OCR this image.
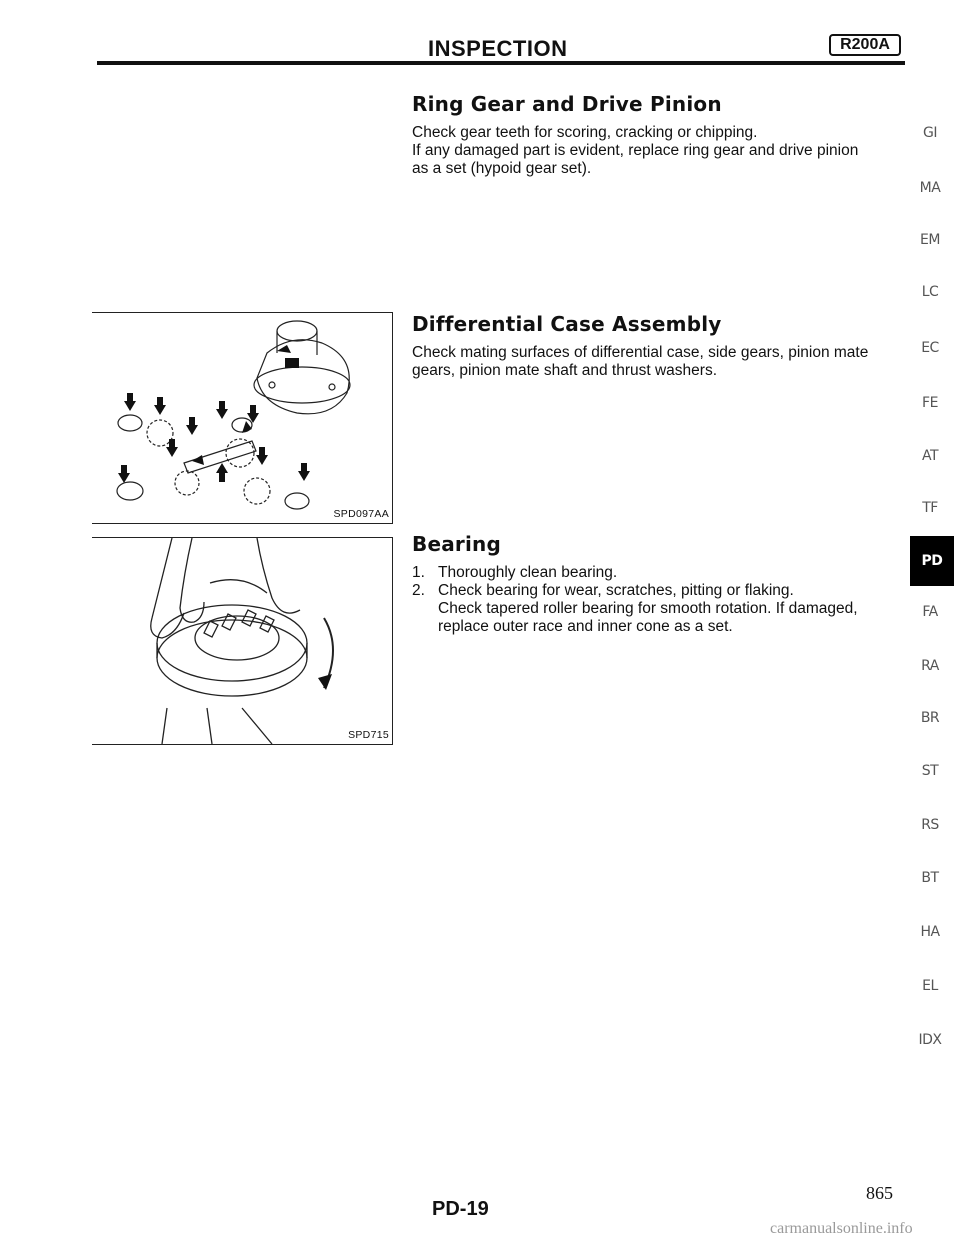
INSPECTION	R200A
Ring Gear and Drive Pinion

Check gear teeth for scoring, cracking or chipping.

If any damaged part is evident, replace ring gear and drive pinion

as a set (hypoid gear set).

Differential Case Assembly

Check mating surfaces of differential case, side gears, pinion mate

gears, pinion mate shaft and thrust washers.

Bearing
1. Thoroughly clean bearing.
2. Check bearing for wear, scratches, pitting or flaking.
Check tapered roller bearing for smooth rotation. If damaged,
replace outer race and inner cone as a set.
SPD097AA
SPD715
GI
MA
EM
LC
EC
FE
AT
TF
PD
FA
RA
BR
ST
RS
BT
HA
EL
IDX
PD-19
865
carmanualsonline.info
